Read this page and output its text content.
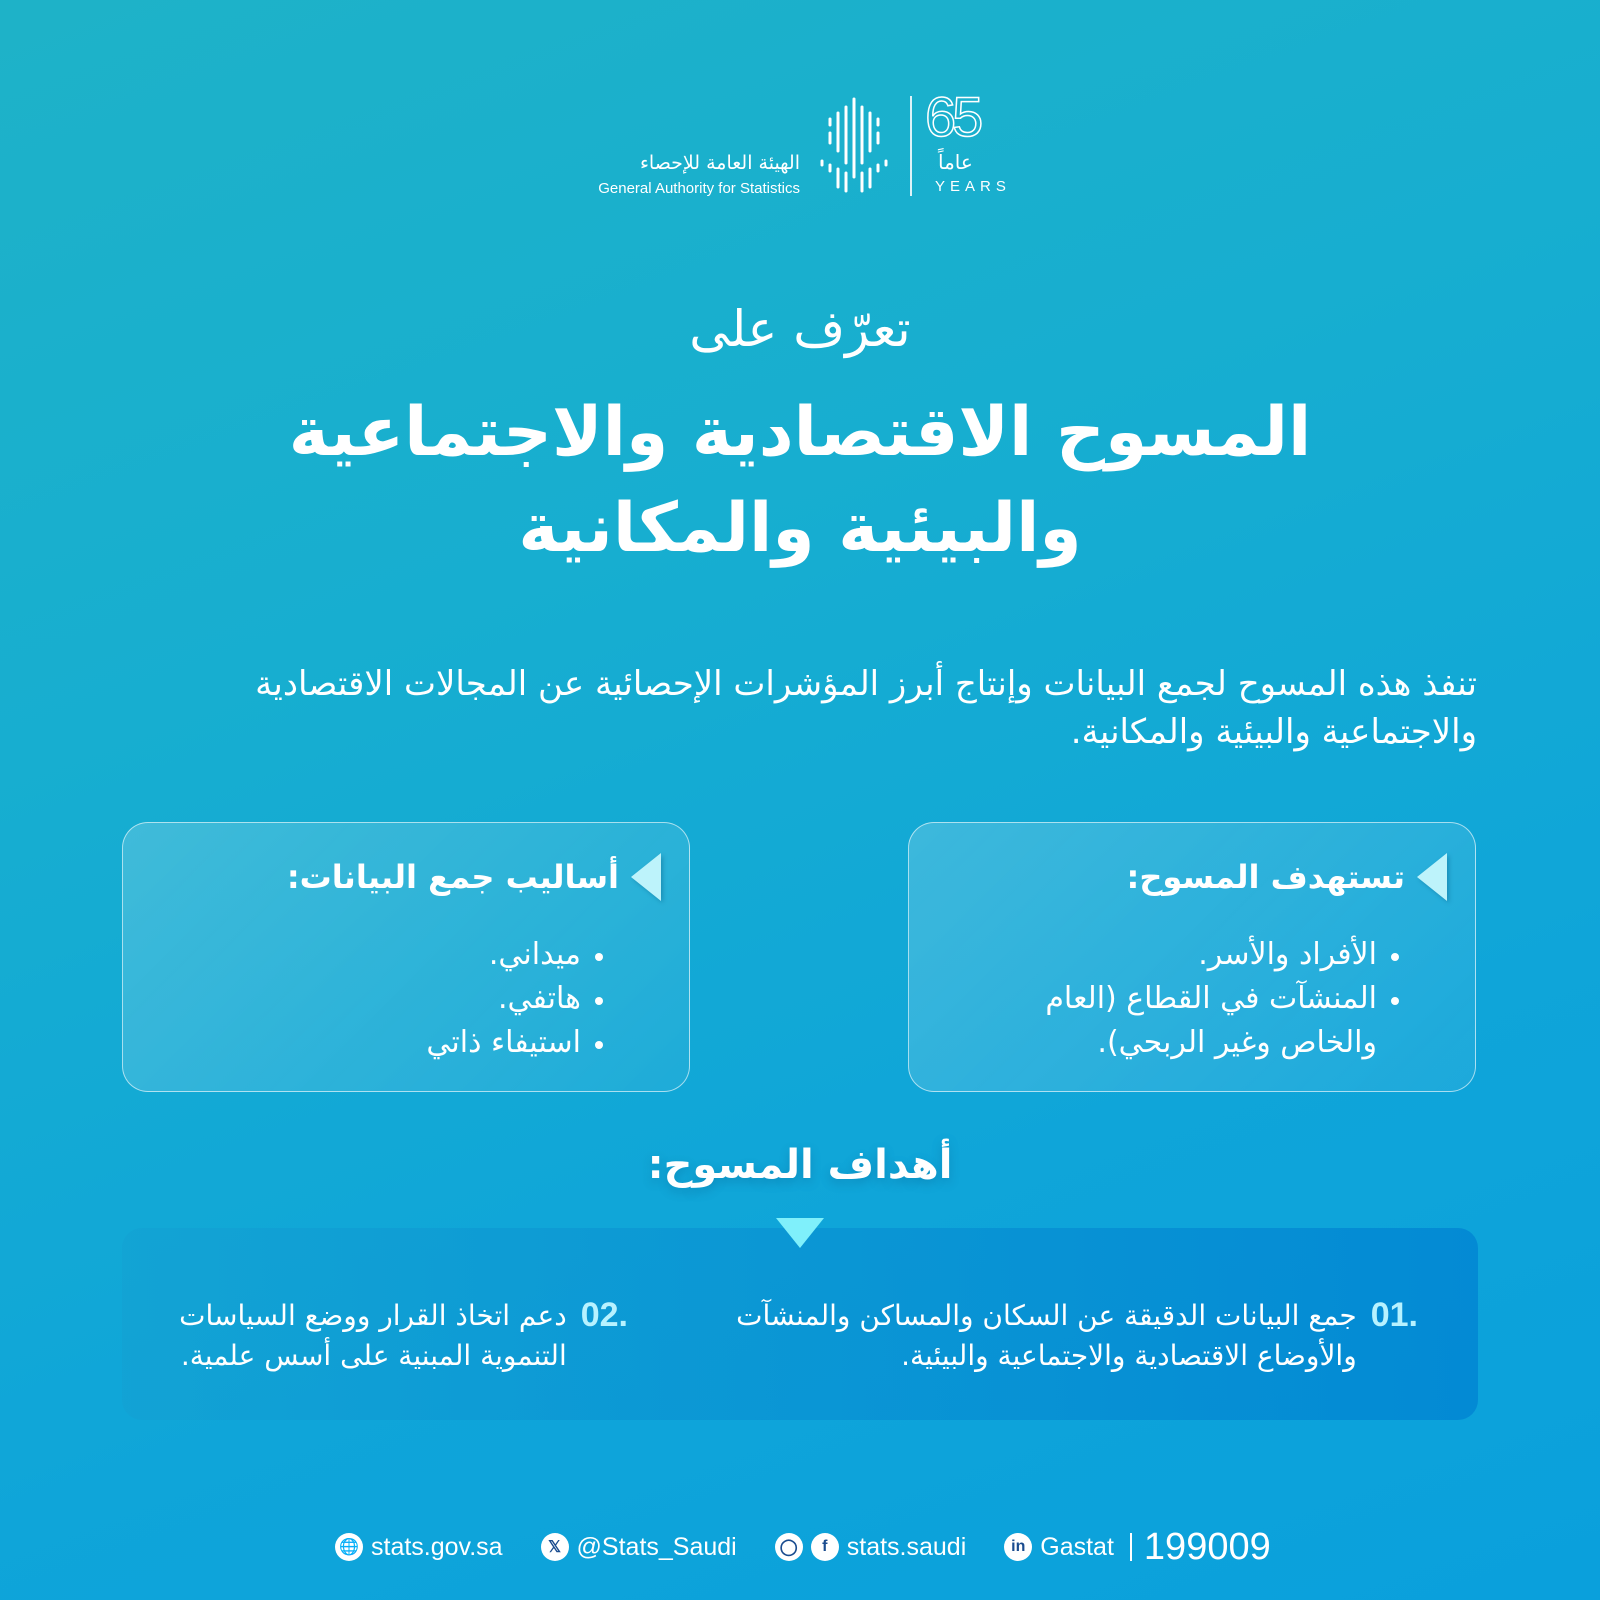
الهيئة العامة للإحصاء
General Authority for Statistics
65
عاماً
YEARS
تعرّف على
المسوح الاقتصادية والاجتماعية
والبيئية والمكانية
تنفذ هذه المسوح لجمع البيانات وإنتاج أبرز المؤشرات الإحصائية عن المجالات الاقتصادية والاجتماعية والبيئية والمكانية.
تستهدف المسوح:
الأفراد والأسر.
المنشآت في القطاع (العام والخاص وغير الربحي).
أساليب جمع البيانات:
ميداني.
هاتفي.
استيفاء ذاتي
أهداف المسوح:
01.
جمع البيانات الدقيقة عن السكان والمساكن والمنشآت والأوضاع الاقتصادية والاجتماعية والبيئية.
02.
دعم اتخاذ القرار ووضع السياسات التنموية المبنية على أسس علمية.
🌐 stats.gov.sa	𝕏 @Stats_Saudi	◯	f stats.saudi	in Gastat 199009
